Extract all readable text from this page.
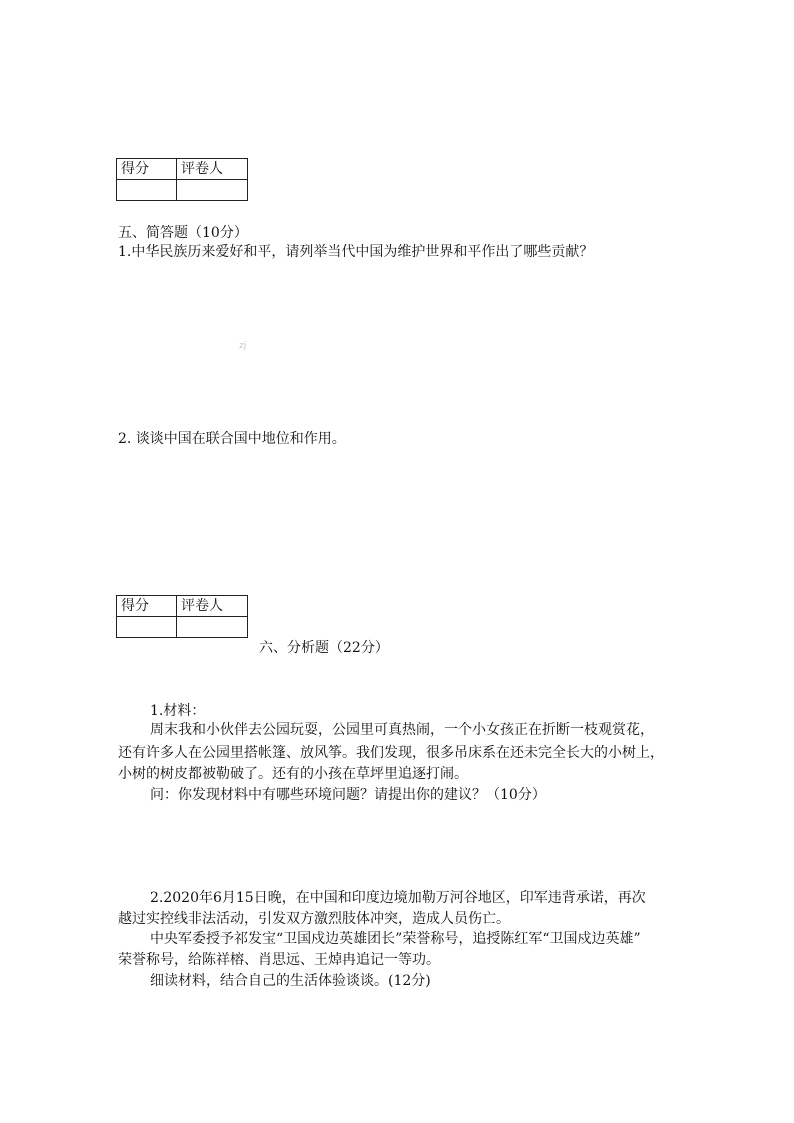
得分	评卷人

五、简答题（10分）
1.中华民族历来爱好和平，请列举当代中国为维护世界和平作出了哪些贡献？
zj
2. 谈谈中国在联合国中地位和作用。
得分	评卷人

六、分析题（22分）
1.材料：
周末我和小伙伴去公园玩耍，公园里可真热闹，一个小女孩正在折断一枝观赏花，
还有许多人在公园里搭帐篷、放风筝。我们发现，很多吊床系在还未完全长大的小树上，
小树的树皮都被勒破了。还有的小孩在草坪里追逐打闹。
问：你发现材料中有哪些环境问题？请提出你的建议？（10分）
2.2020年6月15日晚，在中国和印度边境加勒万河谷地区，印军违背承诺，再次
越过实控线非法活动，引发双方激烈肢体冲突，造成人员伤亡。
中央军委授予祁发宝“卫国戍边英雄团长”荣誉称号，追授陈红军“卫国戍边英雄”
荣誉称号，给陈祥榕、肖思远、王焯冉追记一等功。
细读材料，结合自己的生活体验谈谈。(12分)
